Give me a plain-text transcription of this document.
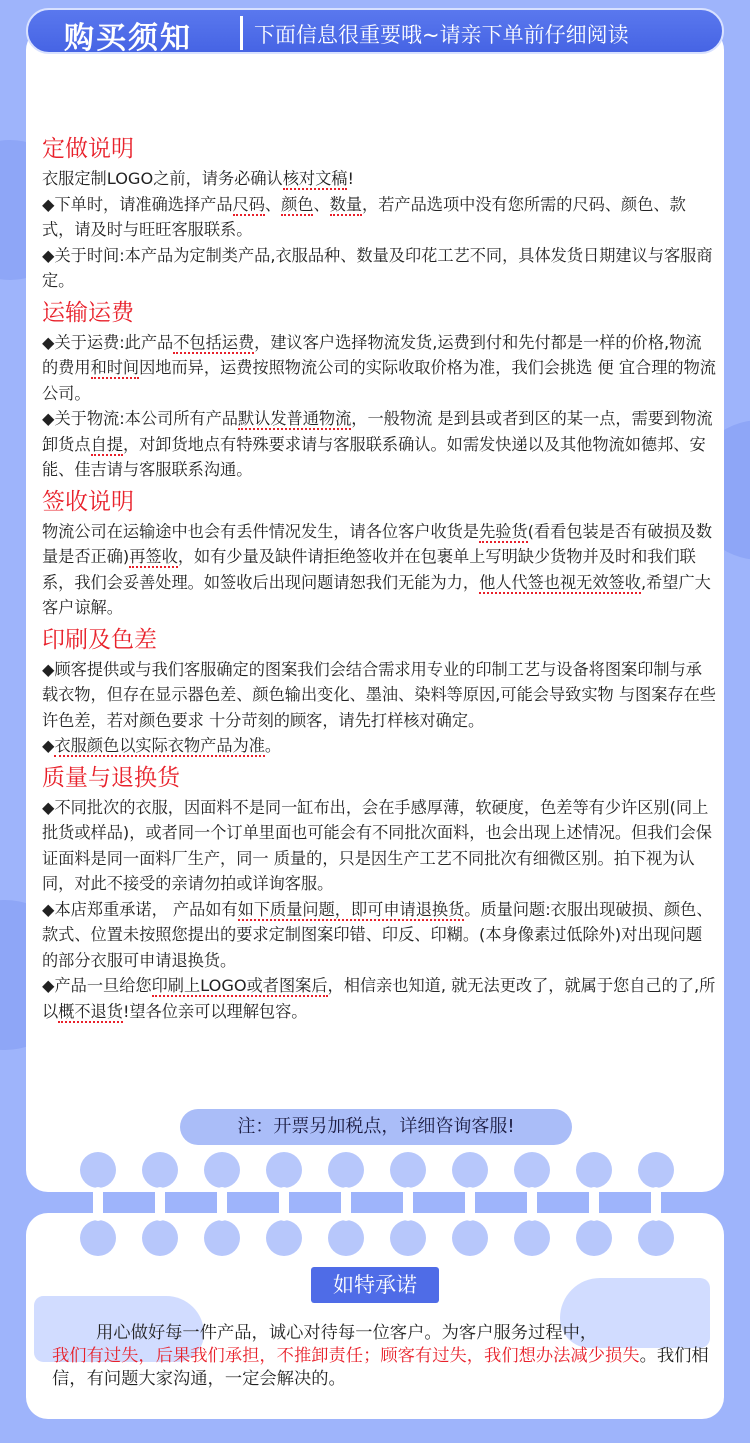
购买须知	下面信息很重要哦~请亲下单前仔细阅读
定做说明

衣服定制LOGO之前，请务必确认核对文稿!

◆下单时，请准确选择产品尺码、颜色、数量，若产品选项中没有您所需的尺码、颜色、款式，请及时与旺旺客服联系。

◆关于时间:本产品为定制类产品,衣服品种、数量及印花工艺不同，具体发货日期建议与客服商定。

运输运费

◆关于运费:此产品不包括运费，建议客户选择物流发货,运费到付和先付都是一样的价格,物流的费用和时间因地而异，运费按照物流公司的实际收取价格为准，我们会挑选 便 宜合理的物流公司。

◆关于物流:本公司所有产品默认发普通物流，一般物流 是到县或者到区的某一点，需要到物流卸货点自提，对卸货地点有特殊要求请与客服联系确认。如需发快递以及其他物流如德邦、安能、佳吉请与客服联系沟通。

签收说明

物流公司在运输途中也会有丢件情况发生，请各位客户收货是先验货(看看包装是否有破损及数量是否正确)再签收，如有少量及缺件请拒绝签收并在包裹单上写明缺少货物并及时和我们联系，我们会妥善处理。如签收后出现问题请恕我们无能为力，他人代签也视无效签收,希望广大客户谅解。

印刷及色差

◆顾客提供或与我们客服确定的图案我们会结合需求用专业的印制工艺与设备将图案印制与承载衣物，但存在显示器色差、颜色输出变化、墨油、染料等原因,可能会导致实物 与图案存在些许色差，若对颜色要求 十分苛刻的顾客，请先打样核对确定。

◆衣服颜色以实际衣物产品为准。

质量与退换货

◆不同批次的衣服，因面料不是同一缸布出，会在手感厚薄，软硬度，色差等有少许区别(同上批货或样品)，或者同一个订单里面也可能会有不同批次面料，也会出现上述情况。但我们会保证面料是同一面料厂生产，同一 质量的，只是因生产工艺不同批次有细微区别。拍下视为认同，对此不接受的亲请勿拍或详询客服。

◆本店郑重承诺， 产品如有如下质量问题，即可申请退换货。质量问题:衣服出现破损、颜色、款式、位置未按照您提出的要求定制图案印错、印反、印糊。(本身像素过低除外)对出现问题的部分衣服可申请退换货。

◆产品一旦给您印刷上LOGO或者图案后，相信亲也知道, 就无法更改了，就属于您自己的了,所以概不退货!望各位亲可以理解包容。

注：开票另加税点，详细咨询客服!
如特承诺
用心做好每一件产品，诚心对待每一位客户。为客户服务过程中，
我们有过失，后果我们承担，不推卸责任；顾客有过失，我们想办法减少损失。我们相信，有问题大家沟通，一定会解决的。
